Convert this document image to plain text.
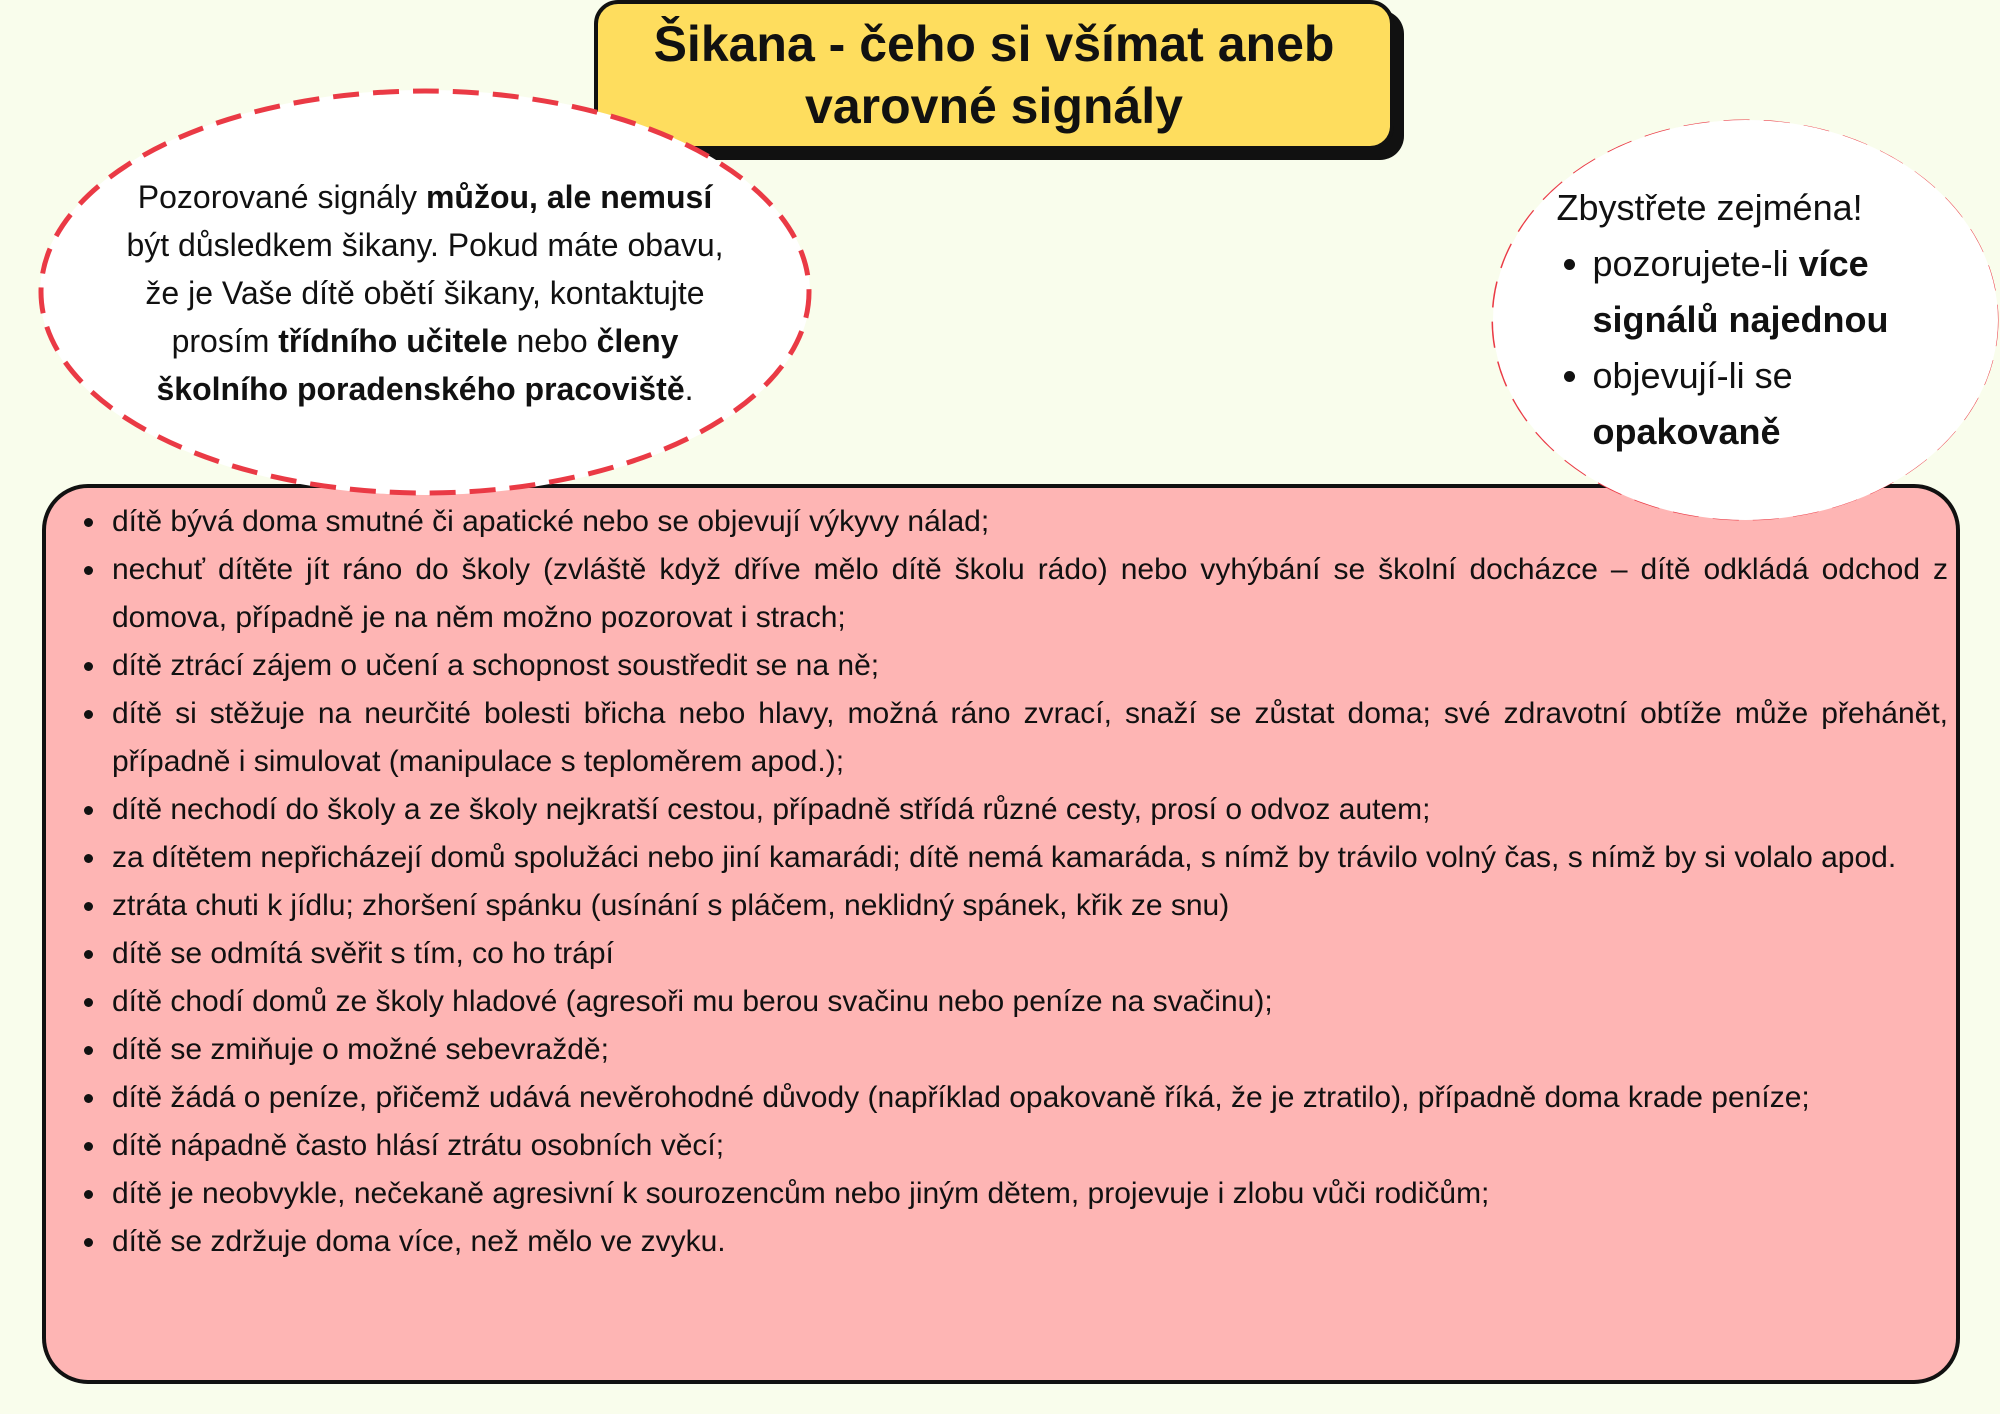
Šikana - čeho si všímat aneb
varovné signály
• dítě bývá doma smutné či apatické nebo se objevují výkyvy nálad;
• nechuť dítěte jít ráno do školy (zvláště když dříve mělo dítě školu rádo) nebo vyhýbání se školní docházce – dítě odkládá odchod z domova, případně je na něm možno pozorovat i strach;
• dítě ztrácí zájem o učení a schopnost soustředit se na ně;
• dítě si stěžuje na neurčité bolesti břicha nebo hlavy, možná ráno zvrací, snaží se zůstat doma; své zdravotní obtíže může přehánět, případně i simulovat (manipulace s teploměrem apod.);
• dítě nechodí do školy a ze školy nejkratší cestou, případně střídá různé cesty, prosí o odvoz autem;
• za dítětem nepřicházejí domů spolužáci nebo jiní kamarádi; dítě nemá kamaráda, s nímž by trávilo volný čas, s nímž by si volalo apod.
• ztráta chuti k jídlu; zhoršení spánku (usínání s pláčem, neklidný spánek, křik ze snu)
• dítě se odmítá svěřit s tím, co ho trápí
• dítě chodí domů ze školy hladové (agresoři mu berou svačinu nebo peníze na svačinu);
• dítě se zmiňuje o možné sebevraždě;
• dítě žádá o peníze, přičemž udává nevěrohodné důvody (například opakovaně říká, že je ztratilo), případně doma krade peníze;
• dítě nápadně často hlásí ztrátu osobních věcí;
• dítě je neobvykle, nečekaně agresivní k sourozencům nebo jiným dětem, projevuje i zlobu vůči rodičům;
• dítě se zdržuje doma více, než mělo ve zvyku.
Pozorované signály můžou, ale nemusí být důsledkem šikany. Pokud máte obavu, že je Vaše dítě obětí šikany, kontaktujte prosím třídního učitele nebo členy školního poradenského pracoviště.
Zbystřete zejména!
• pozorujete-li více signálů najednou
• objevují-li se opakovaně
